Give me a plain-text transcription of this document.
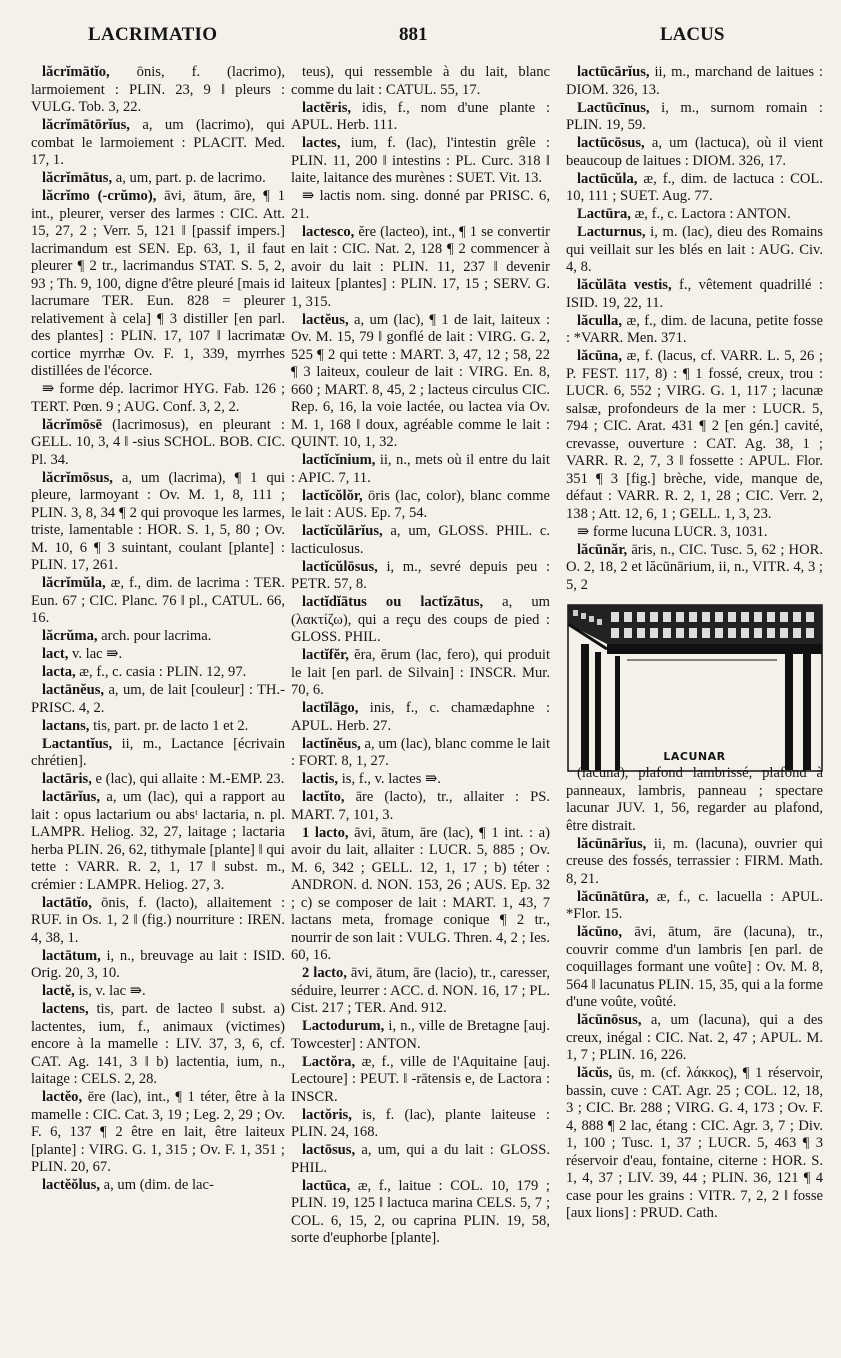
LACRIMATIO	881	LACUS
lăcrĭmātĭo, ōnis, f. (lacrimo), larmoiement : PLIN. 23, 9 ‖ pleurs : VULG. Tob. 3, 22.
lăcrĭmātōrĭus, a, um (lacrimo), qui combat le larmoiement : PLACIT. Med. 17, 1.
lăcrĭmātus, a, um, part. p. de lacrimo.
lăcrĭmo (-crŭmo), āvi, ātum, āre, ¶ 1 int., pleurer, verser des larmes : CIC. Att. 15, 27, 2 ; Verr. 5, 121 ‖ [passif impers.] lacrimandum est SEN. Ep. 63, 1, il faut pleurer ¶ 2 tr., lacrimandus STAT. S. 5, 2, 93 ; Th. 9, 100, digne d'être pleuré [mais id lacrumare TER. Eun. 828 = pleurer relativement à cela] ¶ 3 distiller [en parl. des plantes] : PLIN. 17, 107 ‖ lacrimatæ cortice myrrhæ Ov. F. 1, 339, myrrhes distillées de l'écorce.
⇛ forme dép. lacrimor HYG. Fab. 126 ; TERT. Pœn. 9 ; AUG. Conf. 3, 2, 2.
lăcrĭmōsē (lacrimosus), en pleurant : GELL. 10, 3, 4 ‖ -sius SCHOL. BOB. CIC. Pl. 34.
lăcrĭmōsus, a, um (lacrima), ¶ 1 qui pleure, larmoyant : Ov. M. 1, 8, 111 ; PLIN. 3, 8, 34 ¶ 2 qui provoque les larmes, triste, lamentable : HOR. S. 1, 5, 80 ; Ov. M. 10, 6 ¶ 3 suintant, coulant [plante] : PLIN. 17, 261.
lăcrĭmŭla, æ, f., dim. de lacrima : TER. Eun. 67 ; CIC. Planc. 76 ‖ pl., CATUL. 66, 16.
lăcrŭma, arch. pour lacrima.
lact, v. lac ⇛.
lacta, æ, f., c. casia : PLIN. 12, 97.
lactānĕus, a, um, de lait [couleur] : TH.-PRISC. 4, 2.
lactans, tis, part. pr. de lacto 1 et 2.
Lactantĭus, ii, m., Lactance [écrivain chrétien].
lactāris, e (lac), qui allaite : M.-EMP. 23.
lactārĭus, a, um (lac), qui a rapport au lait : opus lactarium ou absᵗ lactaria, n. pl. LAMPR. Heliog. 32, 27, laitage ; lactaria herba PLIN. 26, 62, tithymale [plante] ‖ qui tette : VARR. R. 2, 1, 17 ‖ subst. m., crémier : LAMPR. Heliog. 27, 3.
lactātĭo, ōnis, f. (lacto), allaitement : RUF. in Os. 1, 2 ‖ (fig.) nourriture : IREN. 4, 38, 1.
lactātum, i, n., breuvage au lait : ISID. Orig. 20, 3, 10.
lactĕ, is, v. lac ⇛.
lactens, tis, part. de lacteo ‖ subst. a) lactentes, ium, f., animaux (victimes) encore à la mamelle : LIV. 37, 3, 6, cf. CAT. Ag. 141, 3 ‖ b) lactentia, ium, n., laitage : CELS. 2, 28.
lactĕo, ēre (lac), int., ¶ 1 téter, être à la mamelle : CIC. Cat. 3, 19 ; Leg. 2, 29 ; Ov. F. 6, 137 ¶ 2 être en lait, être laiteux [plante] : VIRG. G. 1, 315 ; Ov. F. 1, 351 ; PLIN. 20, 67.
lactĕŏlus, a, um (dim. de lac-
teus), qui ressemble à du lait, blanc comme du lait : CATUL. 55, 17.
lactĕris, idis, f., nom d'une plante : APUL. Herb. 111.
lactes, ium, f. (lac), l'intestin grêle : PLIN. 11, 200 ‖ intestins : PL. Curc. 318 ‖ laite, laitance des murènes : SUET. Vit. 13.
⇛ lactis nom. sing. donné par PRISC. 6, 21.
lactesco, ĕre (lacteo), int., ¶ 1 se convertir en lait : CIC. Nat. 2, 128 ¶ 2 commencer à avoir du lait : PLIN. 11, 237 ‖ devenir laiteux [plantes] : PLIN. 17, 15 ; SERV. G. 1, 315.
lactĕus, a, um (lac), ¶ 1 de lait, laiteux : Ov. M. 15, 79 ‖ gonflé de lait : VIRG. G. 2, 525 ¶ 2 qui tette : MART. 3, 47, 12 ; 58, 22 ¶ 3 laiteux, couleur de lait : VIRG. En. 8, 660 ; MART. 8, 45, 2 ; lacteus circulus CIC. Rep. 6, 16, la voie lactée, ou lactea via Ov. M. 1, 168 ‖ doux, agréable comme le lait : QUINT. 10, 1, 32.
lactĭcĭnium, ii, n., mets où il entre du lait : APIC. 7, 11.
lactĭcŏlŏr, ōris (lac, color), blanc comme le lait : AUS. Ep. 7, 54.
lactĭcŭlārĭus, a, um, GLOSS. PHIL. c. lacticulosus.
lactĭcŭlōsus, i, m., sevré depuis peu : PETR. 57, 8.
lactĭdĭātus ou lactĭzātus, a, um (λακτίζω), qui a reçu des coups de pied : GLOSS. PHIL.
lactĭfĕr, ĕra, ĕrum (lac, fero), qui produit le lait [en parl. de Silvain] : INSCR. Mur. 70, 6.
lactĭlāgo, inis, f., c. chamædaphne : APUL. Herb. 27.
lactĭnĕus, a, um (lac), blanc comme le lait : FORT. 8, 1, 27.
lactis, is, f., v. lactes ⇛.
lactĭto, āre (lacto), tr., allaiter : PS. MART. 7, 101, 3.
1 lacto, āvi, ātum, āre (lac), ¶ 1 int. : a) avoir du lait, allaiter : LUCR. 5, 885 ; Ov. M. 6, 342 ; GELL. 12, 1, 17 ; b) téter : ANDRON. d. NON. 153, 26 ; AUS. Ep. 32 ; c) se composer de lait : MART. 1, 43, 7 lactans meta, fromage conique ¶ 2 tr., nourrir de son lait : VULG. Thren. 4, 2 ; Ies. 60, 16.
2 lacto, āvi, ātum, āre (lacio), tr., caresser, séduire, leurrer : ACC. d. NON. 16, 17 ; PL. Cist. 217 ; TER. And. 912.
Lactodurum, i, n., ville de Bretagne [auj. Towcester] : ANTON.
Lactŏra, æ, f., ville de l'Aquitaine [auj. Lectoure] : PEUT. ‖ -rātensis e, de Lactora : INSCR.
lactŏris, is, f. (lac), plante laiteuse : PLIN. 24, 168.
lactōsus, a, um, qui a du lait : GLOSS. PHIL.
lactūca, æ, f., laitue : COL. 10, 179 ; PLIN. 19, 125 ‖ lactuca marina CELS. 5, 7 ; COL. 6, 15, 2, ou caprina PLIN. 19, 58, sorte d'euphorbe [plante].
lactūcārĭus, ii, m., marchand de laitues : DIOM. 326, 13.
Lactūcīnus, i, m., surnom romain : PLIN. 19, 59.
lactūcōsus, a, um (lactuca), où il vient beaucoup de laitues : DIOM. 326, 17.
lactūcŭla, æ, f., dim. de lactuca : COL. 10, 111 ; SUET. Aug. 77.
Lactūra, æ, f., c. Lactora : ANTON.
Lacturnus, i, m. (lac), dieu des Romains qui veillait sur les blés en lait : AUG. Civ. 4, 8.
lăcŭlāta vestis, f., vêtement quadrillé : ISID. 19, 22, 11.
lăculla, æ, f., dim. de lacuna, petite fosse : *VARR. Men. 371.
lăcūna, æ, f. (lacus, cf. VARR. L. 5, 26 ; P. FEST. 117, 8) : ¶ 1 fossé, creux, trou : LUCR. 6, 552 ; VIRG. G. 1, 117 ; lacunæ salsæ, profondeurs de la mer : LUCR. 5, 794 ; CIC. Arat. 431 ¶ 2 [en gén.] cavité, crevasse, ouverture : CAT. Ag. 38, 1 ; VARR. R. 2, 7, 3 ‖ fossette : APUL. Flor. 351 ¶ 3 [fig.] brèche, vide, manque de, défaut : VARR. R. 2, 1, 28 ; CIC. Verr. 2, 138 ; Att. 12, 6, 1 ; GELL. 1, 3, 23.
⇛ forme lucuna LUCR. 3, 1031.
lăcūnăr, āris, n., CIC. Tusc. 5, 62 ; HOR. O. 2, 18, 2 et lăcūnārium, ii, n., VITR. 4, 3 ; 5, 2
LACUNAR
(lacuna), plafond lambrissé, plafond à panneaux, lambris, panneau ; spectare lacunar JUV. 1, 56, regarder au plafond, être distrait.
lăcūnārĭus, ii, m. (lacuna), ouvrier qui creuse des fossés, terrassier : FIRM. Math. 8, 21.
lăcūnātūra, æ, f., c. lacuella : APUL. *Flor. 15.
lăcūno, āvi, ātum, āre (lacuna), tr., couvrir comme d'un lambris [en parl. de coquillages formant une voûte] : Ov. M. 8, 564 ‖ lacunatus PLIN. 15, 35, qui a la forme d'une voûte, voûté.
lăcūnōsus, a, um (lacuna), qui a des creux, inégal : CIC. Nat. 2, 47 ; APUL. M. 1, 7 ; PLIN. 16, 226.
lăcŭs, ūs, m. (cf. λάκκος), ¶ 1 réservoir, bassin, cuve : CAT. Agr. 25 ; COL. 12, 18, 3 ; CIC. Br. 288 ; VIRG. G. 4, 173 ; Ov. F. 4, 888 ¶ 2 lac, étang : CIC. Agr. 3, 7 ; Div. 1, 100 ; Tusc. 1, 37 ; LUCR. 5, 463 ¶ 3 réservoir d'eau, fontaine, citerne : HOR. S. 1, 4, 37 ; LIV. 39, 44 ; PLIN. 36, 121 ¶ 4 case pour les grains : VITR. 7, 2, 2 ‖ fosse [aux lions] : PRUD. Cath.
